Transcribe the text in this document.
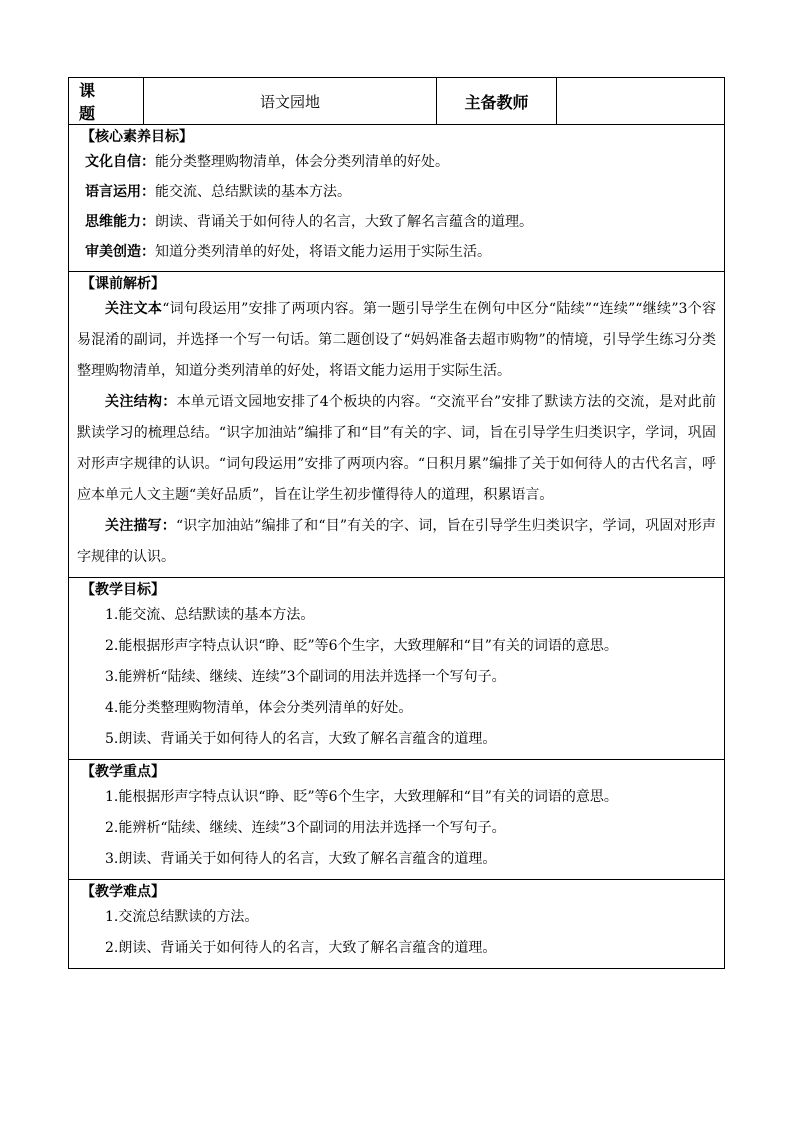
课题	语文园地	主备教师	

【核心素养目标】

文化自信：能分类整理购物清单，体会分类列清单的好处。

语言运用：能交流、总结默读的基本方法。

思维能力：朗读、背诵关于如何待人的名言，大致了解名言蕴含的道理。

审美创造：知道分类列清单的好处，将语文能力运用于实际生活。

【课前解析】

关注文本“词句段运用”安排了两项内容。第一题引导学生在例句中区分“陆续”“连续”“继续”3个容易混淆的副词，并选择一个写一句话。第二题创设了“妈妈准备去超市购物”的情境，引导学生练习分类整理购物清单，知道分类列清单的好处，将语文能力运用于实际生活。

关注结构：本单元语文园地安排了4个板块的内容。“交流平台”安排了默读方法的交流，是对此前默读学习的梳理总结。“识字加油站”编排了和“目”有关的字、词，旨在引导学生归类识字，学词，巩固对形声字规律的认识。“词句段运用”安排了两项内容。“日积月累”编排了关于如何待人的古代名言，呼应本单元人文主题“美好品质”，旨在让学生初步懂得待人的道理，积累语言。

关注描写：“识字加油站”编排了和“目”有关的字、词，旨在引导学生归类识字，学词，巩固对形声字规律的认识。

【教学目标】

1.能交流、总结默读的基本方法。

2.能根据形声字特点认识“睁、眨”等6个生字，大致理解和“目”有关的词语的意思。

3.能辨析“陆续、继续、连续”3个副词的用法并选择一个写句子。

4.能分类整理购物清单，体会分类列清单的好处。

5.朗读、背诵关于如何待人的名言，大致了解名言蕴含的道理。

【教学重点】

1.能根据形声字特点认识“睁、眨”等6个生字，大致理解和“目”有关的词语的意思。

2.能辨析“陆续、继续、连续”3个副词的用法并选择一个写句子。

3.朗读、背诵关于如何待人的名言，大致了解名言蕴含的道理。

【教学难点】

1.交流总结默读的方法。

2.朗读、背诵关于如何待人的名言，大致了解名言蕴含的道理。
